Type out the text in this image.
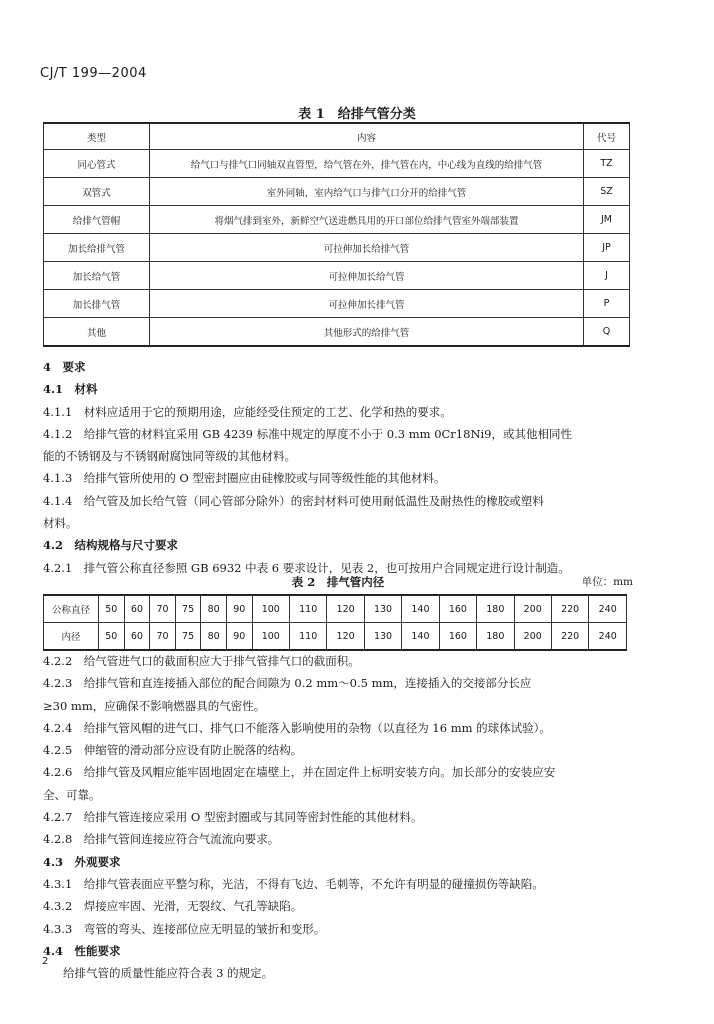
CJ/T 199—2004
表 1　给排气管分类
类型	内容	代号
同心管式	给气口与排气口同轴双直管型，给气管在外，排气管在内，中心线为直线的给排气管	TZ
双管式	室外同轴，室内给气口与排气口分开的给排气管	SZ
给排气管帽	将烟气排到室外，新鲜空气送进燃具用的开口部位给排气管室外端部装置	JM
加长给排气管	可拉伸加长给排气管	JP
加长给气管	可拉伸加长给气管	J
加长排气管	可拉伸加长排气管	P
其他	其他形式的给排气管	Q

4　要求

4.1　材料

4.1.1　材料应适用于它的预期用途，应能经受住预定的工艺、化学和热的要求。

4.1.2　给排气管的材料宜采用 GB 4239 标准中规定的厚度不小于 0.3 mm 0Cr18Ni9，或其他相同性

能的不锈钢及与不锈钢耐腐蚀同等级的其他材料。

4.1.3　给排气管所使用的 O 型密封圈应由硅橡胶或与同等级性能的其他材料。

4.1.4　给气管及加长给气管（同心管部分除外）的密封材料可使用耐低温性及耐热性的橡胶或塑料

材料。

4.2　结构规格与尺寸要求

4.2.1　排气管公称直径参照 GB 6932 中表 6 要求设计，见表 2，也可按用户合同规定进行设计制造。

表 2　排气管内径	单位：mm
公称直径	50	60	70	75	80	90	100	110	120	130	140	160	180	200	220	240
内径	50	60	70	75	80	90	100	110	120	130	140	160	180	200	220	240

4.2.2　给气管进气口的截面积应大于排气管排气口的截面积。

4.2.3　给排气管和直连接插入部位的配合间隙为 0.2 mm～0.5 mm，连接插入的交接部分长应

≥30 mm，应确保不影响燃器具的气密性。

4.2.4　给排气管风帽的进气口、排气口不能落入影响使用的杂物（以直径为 16 mm 的球体试验）。

4.2.5　伸缩管的滑动部分应设有防止脱落的结构。

4.2.6　给排气管及风帽应能牢固地固定在墙壁上，并在固定件上标明安装方向。加长部分的安装应安

全、可靠。

4.2.7　给排气管连接应采用 O 型密封圈或与其同等密封性能的其他材料。

4.2.8　给排气管间连接应符合气流流向要求。

4.3　外观要求

4.3.1　给排气管表面应平整匀称，光洁，不得有飞边、毛刺等，不允许有明显的碰撞损伤等缺陷。

4.3.2　焊接应牢固、光滑，无裂纹、气孔等缺陷。

4.3.3　弯管的弯头、连接部位应无明显的皱折和变形。

4.4　性能要求

给排气管的质量性能应符合表 3 的规定。

2
